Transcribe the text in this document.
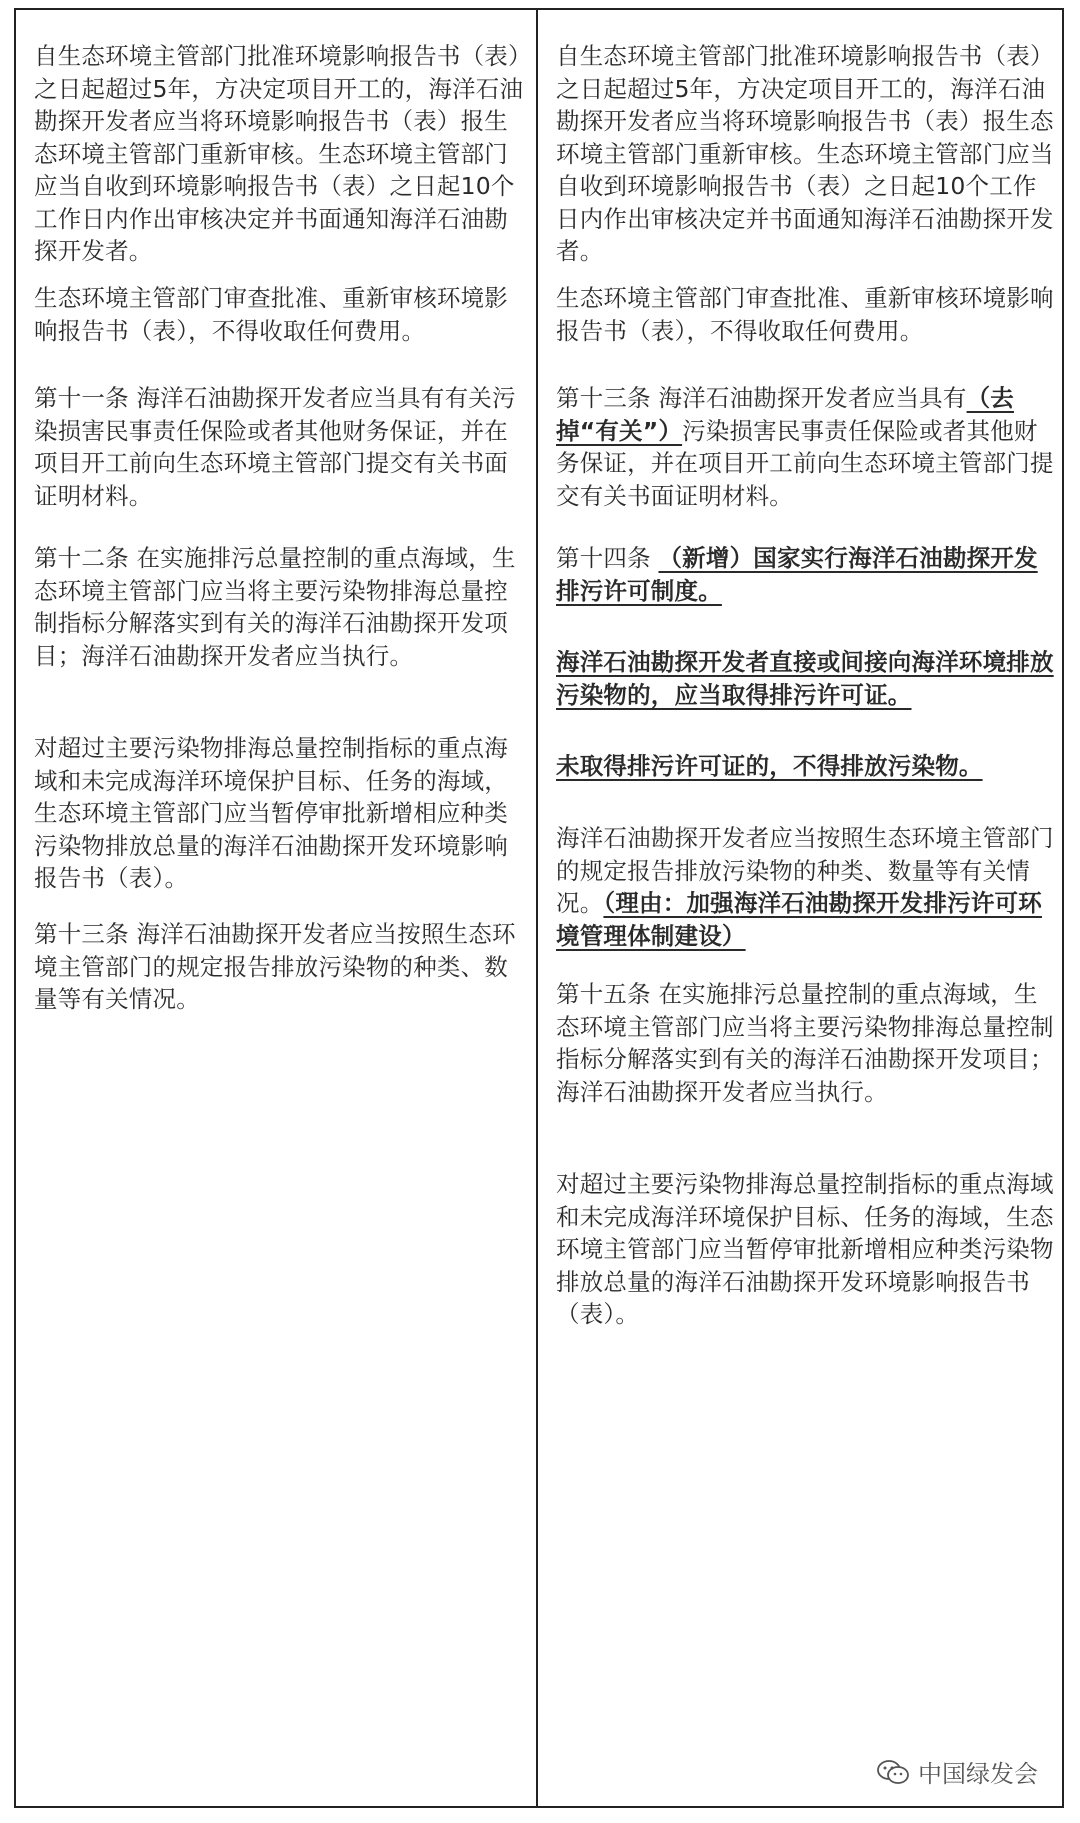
自生态环境主管部门批准环境影响报告书（表）之日起超过5年，方决定项目开工的，海洋石油勘探开发者应当将环境影响报告书（表）报生态环境主管部门重新审核。生态环境主管部门应当自收到环境影响报告书（表）之日起10个工作日内作出审核决定并书面通知海洋石油勘探开发者。
生态环境主管部门审查批准、重新审核环境影响报告书（表），不得收取任何费用。
第十一条 海洋石油勘探开发者应当具有有关污染损害民事责任保险或者其他财务保证，并在项目开工前向生态环境主管部门提交有关书面证明材料。
第十二条 在实施排污总量控制的重点海域，生态环境主管部门应当将主要污染物排海总量控制指标分解落实到有关的海洋石油勘探开发项目；海洋石油勘探开发者应当执行。
对超过主要污染物排海总量控制指标的重点海域和未完成海洋环境保护目标、任务的海域，生态环境主管部门应当暂停审批新增相应种类污染物排放总量的海洋石油勘探开发环境影响报告书（表）。
第十三条 海洋石油勘探开发者应当按照生态环境主管部门的规定报告排放污染物的种类、数量等有关情况。
自生态环境主管部门批准环境影响报告书（表）之日起超过5年，方决定项目开工的，海洋石油勘探开发者应当将环境影响报告书（表）报生态环境主管部门重新审核。生态环境主管部门应当自收到环境影响报告书（表）之日起10个工作日内作出审核决定并书面通知海洋石油勘探开发者。
生态环境主管部门审查批准、重新审核环境影响报告书（表），不得收取任何费用。
第十三条 海洋石油勘探开发者应当具有（去掉“有关”）污染损害民事责任保险或者其他财务保证，并在项目开工前向生态环境主管部门提交有关书面证明材料。
第十四条 （新增）国家实行海洋石油勘探开发排污许可制度。
海洋石油勘探开发者直接或间接向海洋环境排放污染物的，应当取得排污许可证。
未取得排污许可证的，不得排放污染物。
海洋石油勘探开发者应当按照生态环境主管部门的规定报告排放污染物的种类、数量等有关情况。（理由：加强海洋石油勘探开发排污许可环境管理体制建设）
第十五条 在实施排污总量控制的重点海域，生态环境主管部门应当将主要污染物排海总量控制指标分解落实到有关的海洋石油勘探开发项目；海洋石油勘探开发者应当执行。
对超过主要污染物排海总量控制指标的重点海域和未完成海洋环境保护目标、任务的海域，生态环境主管部门应当暂停审批新增相应种类污染物排放总量的海洋石油勘探开发环境影响报告书（表）。
中国绿发会
